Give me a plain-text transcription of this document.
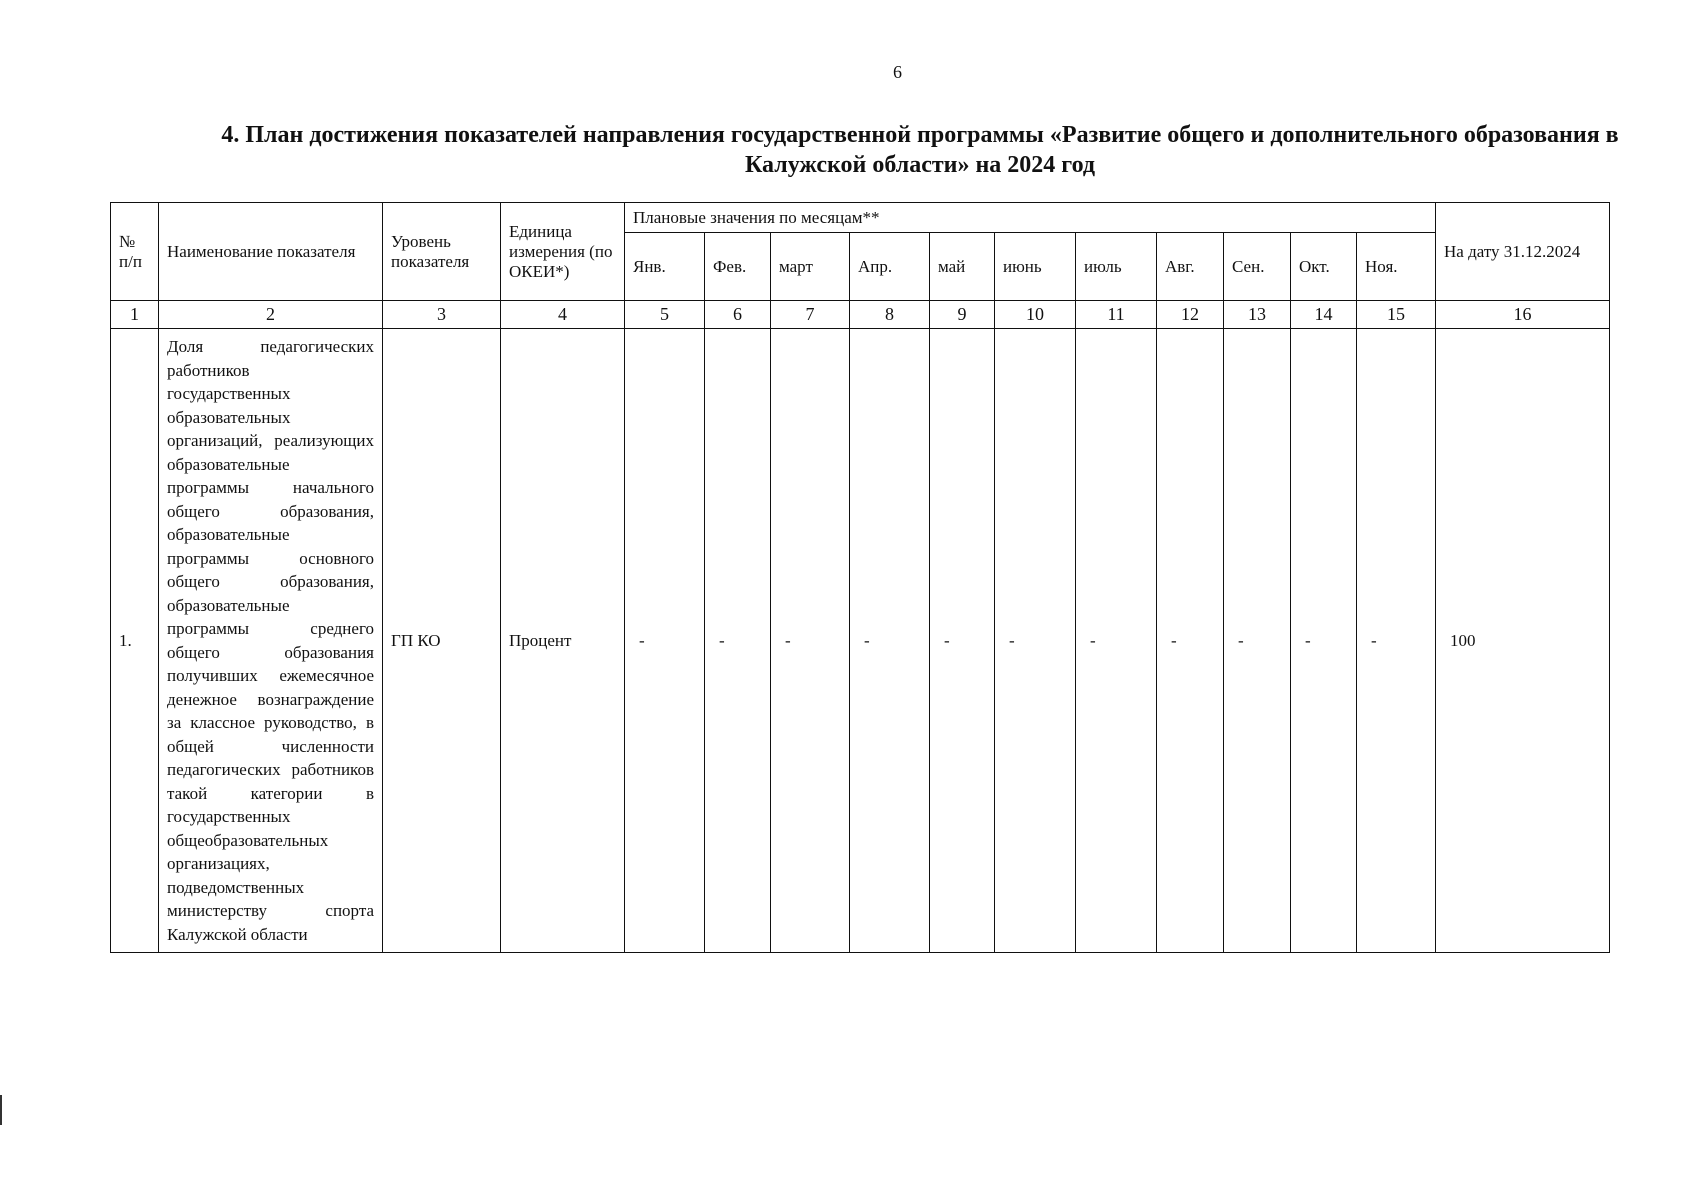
6
4. План достижения показателей направления государственной программы «Развитие общего и дополнительного образования в Калужской области» на 2024 год
№ п/п	Наименование показателя	Уровень показателя	Единица измерения (по ОКЕИ*)	Плановые значения по месяцам**											На дату 31.12.2024
				Янв.	Фев.	март	Апр.	май	июнь	июль	Авг.	Сен.	Окт.	Ноя.	
1	2	3	4	5	6	7	8	9	10	11	12	13	14	15	16
1.	Доля педагогических работников государственных образовательных организаций, реализующих образовательные программы начального общего образования, образовательные программы основного общего образования, образовательные программы среднего общего образования получивших ежемесячное денежное вознаграждение за классное руководство, в общей численности педагогических работников такой категории в государственных общеобразовательных организациях, подведомственных министерству спорта Калужской области	ГП КО	Процент	-	-	-	-	-	-	-	-	-	-	-	100
